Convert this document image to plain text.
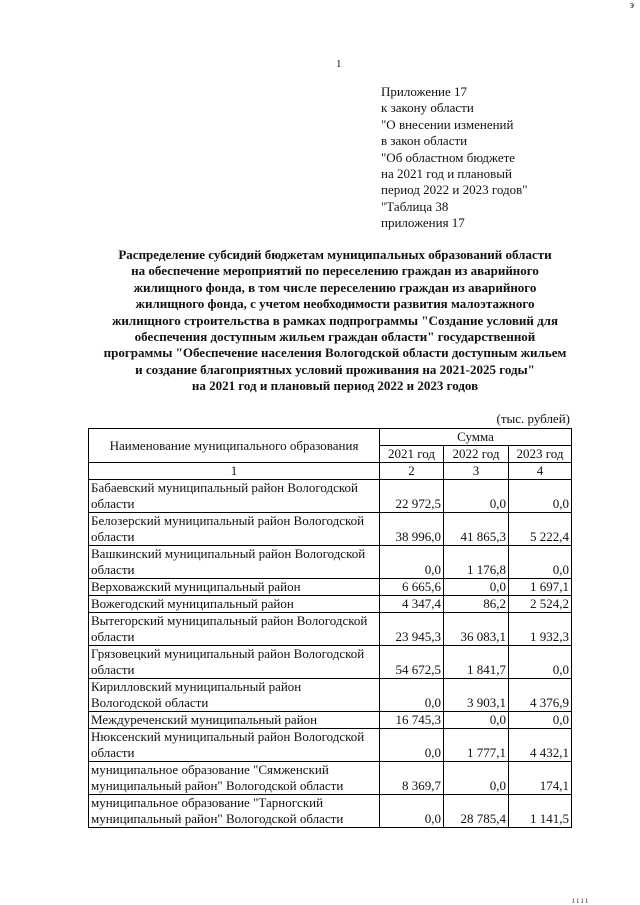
э
1
Приложение 17
к закону области
"О внесении изменений
в закон области
"Об областном бюджете
на 2021 год и плановый
период 2022 и 2023 годов"
"Таблица 38
приложения 17
Распределение субсидий бюджетам муниципальных образований области
на обеспечение мероприятий по переселению граждан из аварийного
жилищного фонда, в том числе переселению граждан из аварийного
жилищного фонда, с учетом необходимости развития малоэтажного
жилищного строительства в рамках подпрограммы "Создание условий для
обеспечения доступным жильем граждан области" государственной
программы "Обеспечение населения Вологодской области доступным жильем
и создание благоприятных условий проживания на 2021-2025 годы"
на 2021 год и плановый период 2022 и 2023 годов
(тыс. рублей)
Наименование муниципального образования	Сумма		
	2021 год	2022 год	2023 год
1	2	3	4

Бабаевский муниципальный район Вологодской
области	22 972,5	0,0	0,0

Белозерский муниципальный район Вологодской
области	38 996,0	41 865,3	5 222,4

Вашкинский муниципальный район Вологодской
области	0,0	1 176,8	0,0

Верховажский муниципальный район	6 665,6	0,0	1 697,1

Вожегодский муниципальный район	4 347,4	86,2	2 524,2

Вытегорский муниципальный район Вологодской
области	23 945,3	36 083,1	1 932,3

Грязовецкий муниципальный район Вологодской
области	54 672,5	1 841,7	0,0

Кирилловский муниципальный район
Вологодской области	0,0	3 903,1	4 376,9

Междуреченский муниципальный район	16 745,3	0,0	0,0

Нюксенский муниципальный район Вологодской
области	0,0	1 777,1	4 432,1

муниципальное образование "Сямженский
муниципальный район" Вологодской области	8 369,7	0,0	174,1

муниципальное образование "Тарногский
муниципальный район" Вологодской области	0,0	28 785,4	1 141,5
ıııı
